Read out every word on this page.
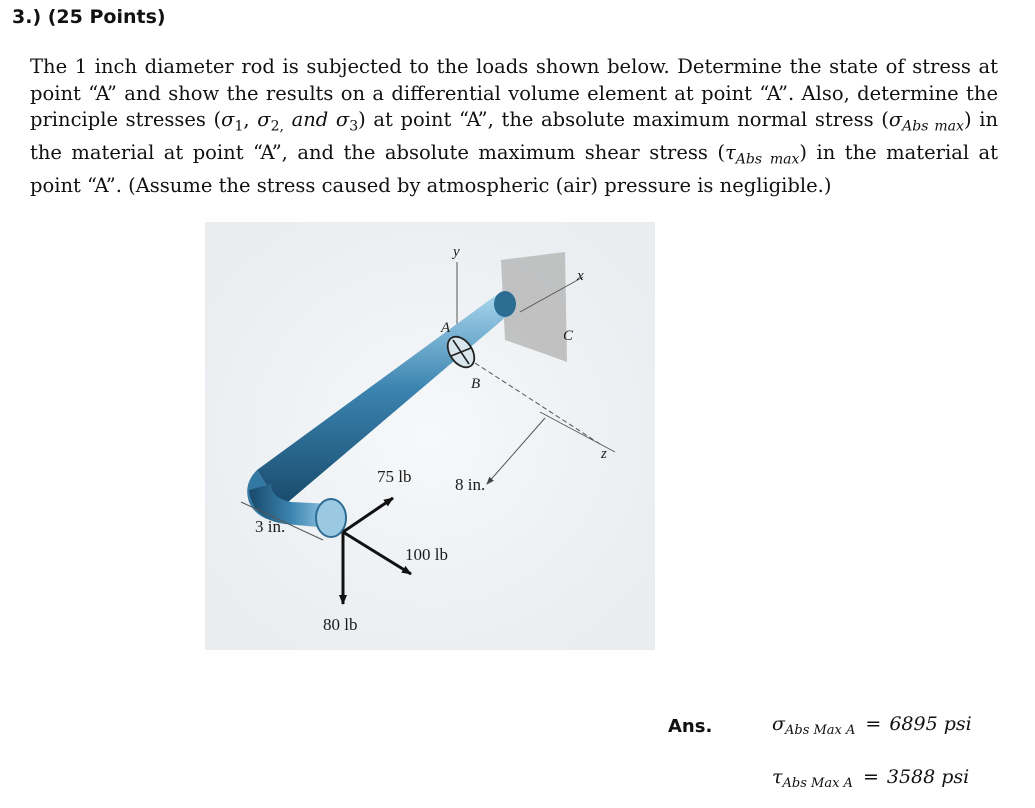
3.) (25 Points)

The 1 inch diameter rod is subjected to the loads shown below. Determine the state of stress at

point “A” and show the results on a differential volume element at point “A”. Also, determine the

principle stresses ($\sigma_1$, $\sigma_{2,}$ and $\sigma_3$) at point “A”, the absolute maximum normal stress $(\sigma_{Abs max})$ in

the material at point “A”, and the absolute maximum shear stress $(\tau_{Abs max})$ in the material at

point “A”. (Assume the stress caused by atmospheric (air) pressure is negligible.)

y
x
z
A
B
C
75 lb	8 in.
3 in.
100 lb
80 lb
Ans.	$\sigma_{Abs Max A} = 6895$ psi
$\tau_{Abs Max A} = 3588$ psi
